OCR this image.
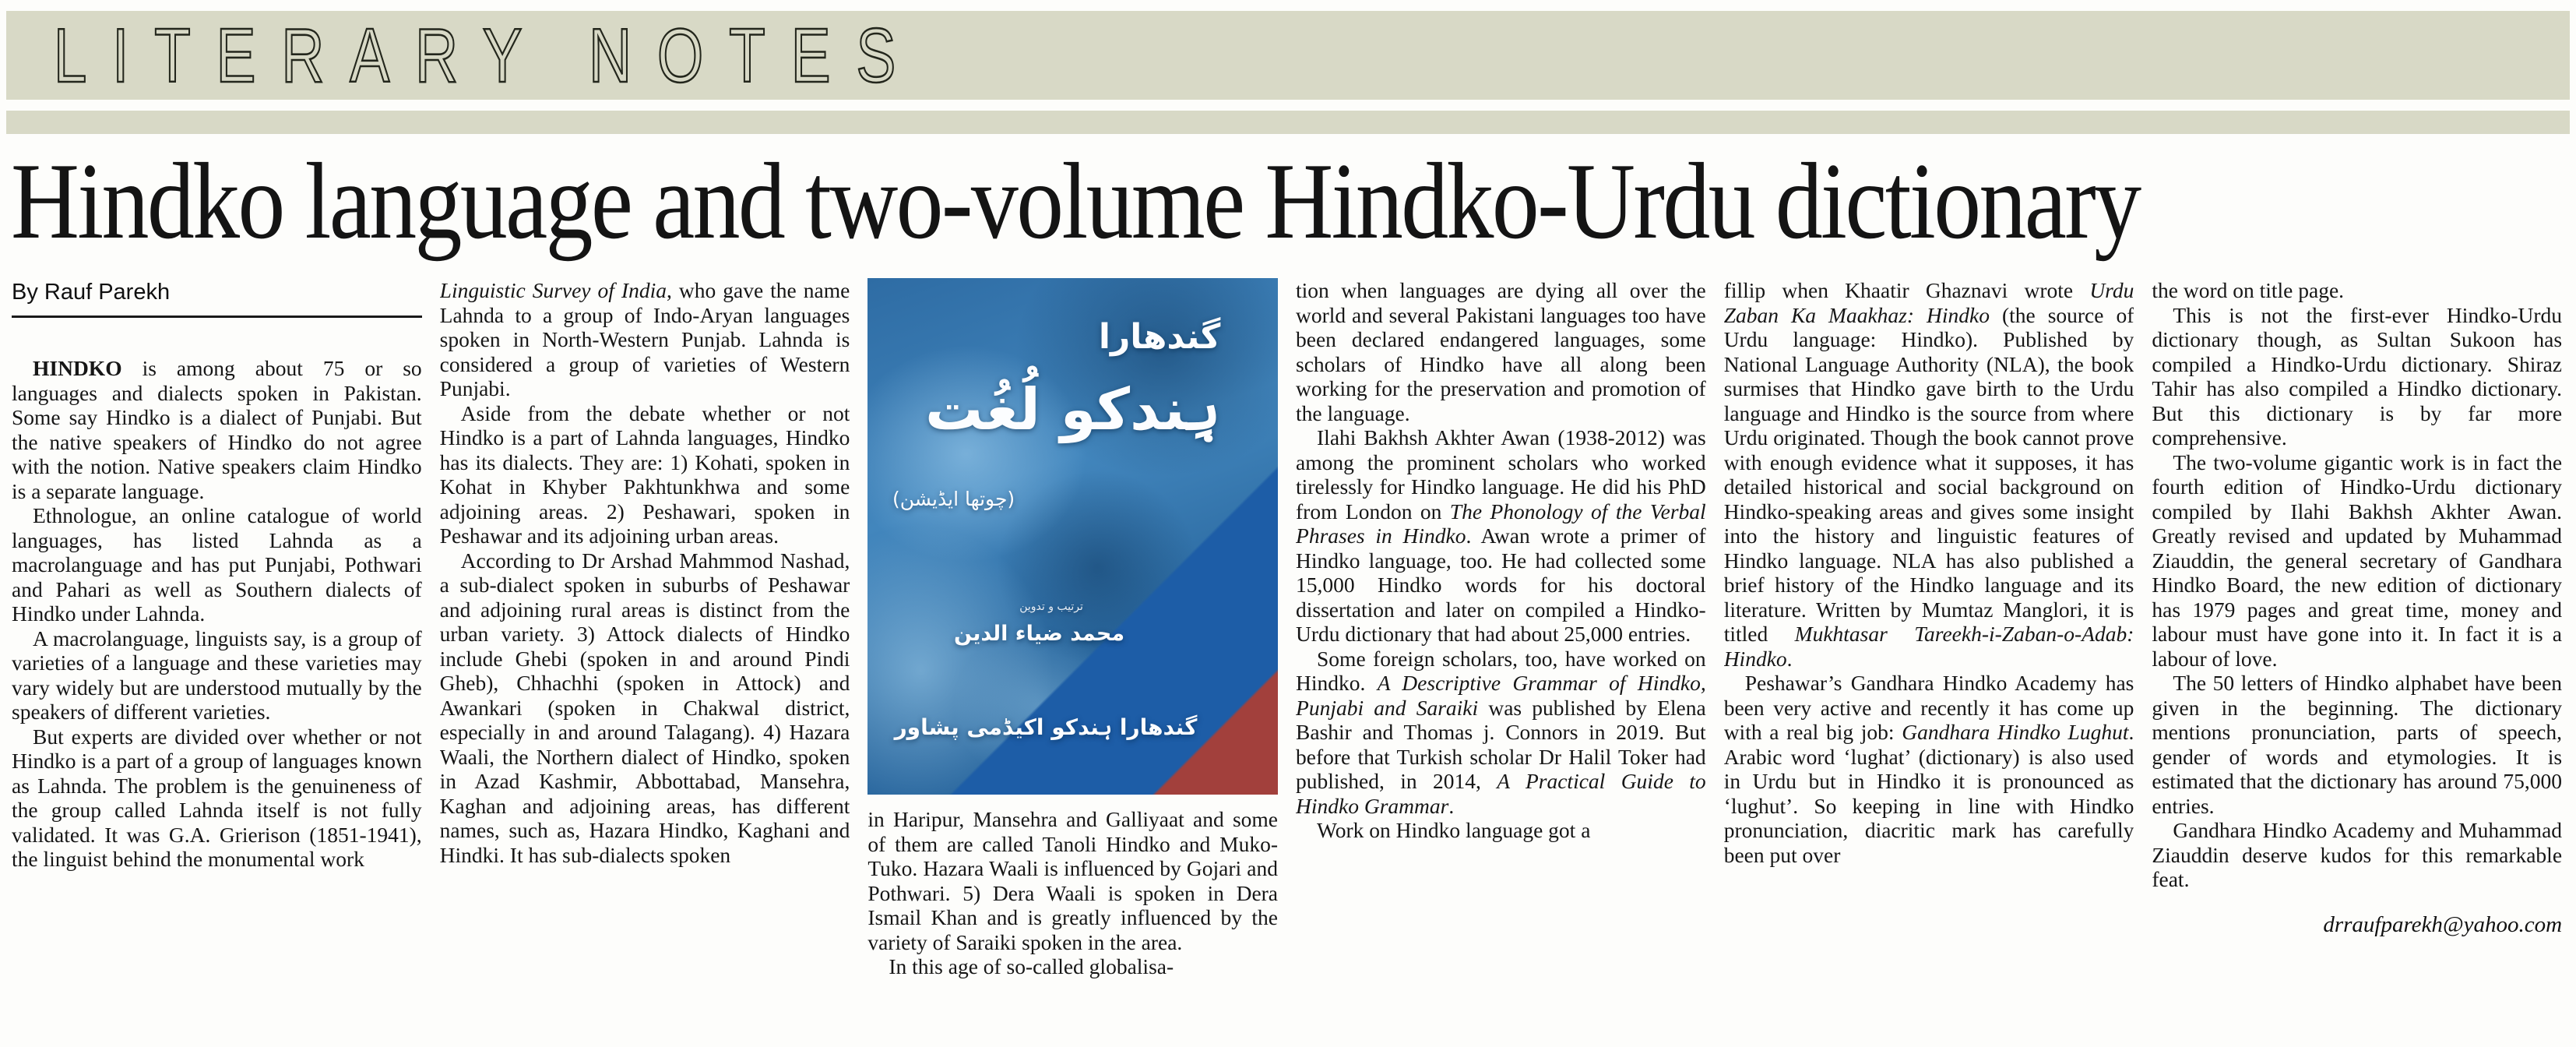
LITERARY NOTES
Hindko language and two-volume Hindko-Urdu dictionary
By Rauf Parekh

HINDKO is among about 75 or so languages and dialects spoken in Pakistan. Some say Hindko is a dialect of Punjabi. But the native speakers of Hindko do not agree with the notion. Native speakers claim Hindko is a separate language.

Ethnologue, an online catalogue of world languages, has listed Lahnda as a macrolanguage and has put Punjabi, Pothwari and Pahari as well as Southern dialects of Hindko under Lahnda.

A macrolanguage, linguists say, is a group of varieties of a language and these varieties may vary widely but are understood mutually by the speakers of different varieties.

But experts are divided over whether or not Hindko is a part of a group of languages known as Lahnda. The problem is the genuineness of the group called Lahnda itself is not fully validated. It was G.A. Grierison (1851-1941), the linguist behind the monumental work

Linguistic Survey of India, who gave the name Lahnda to a group of Indo-Aryan languages spoken in North-Western Punjab. Lahnda is considered a group of varieties of Western Punjabi.

Aside from the debate whether or not Hindko is a part of Lahnda languages, Hindko has its dialects. They are: 1) Kohati, spoken in Kohat in Khyber Pakhtunkhwa and some adjoining areas. 2) Peshawari, spoken in Peshawar and its adjoining urban areas.

According to Dr Arshad Mahmmod Nashad, a sub-dialect spoken in suburbs of Peshawar and adjoining rural areas is distinct from the urban variety. 3) Attock dialects of Hindko include Ghebi (spoken in and around Pindi Gheb), Chhachhi (spoken in Attock) and Awankari (spoken in Chakwal district, especially in and around Talagang). 4) Hazara Waali, the Northern dialect of Hindko, spoken in Azad Kashmir, Abbottabad, Mansehra, Kaghan and adjoining areas, has different names, such as, Hazara Hindko, Kaghani and Hindki. It has sub-dialects spoken

گندھارا
ہِندکو لُغُت
(چوتھا ایڈیشن)
ترتیب و تدوین
محمد ضیاء الدین
گندھارا ہندکو اکیڈمی پشاور

in Haripur, Mansehra and Galliyaat and some of them are called Tanoli Hindko and Muko-Tuko. Hazara Waali is influenced by Gojari and Pothwari. 5) Dera Waali is spoken in Dera Ismail Khan and is greatly influenced by the variety of Saraiki spoken in the area.

In this age of so-called globalisa-

tion when languages are dying all over the world and several Pakistani languages too have been declared endangered languages, some scholars of Hindko have all along been working for the preservation and promotion of the language.

Ilahi Bakhsh Akhter Awan (1938-2012) was among the prominent scholars who worked tirelessly for Hindko language. He did his PhD from London on The Phonology of the Verbal Phrases in Hindko. Awan wrote a primer of Hindko language, too. He had collected some 15,000 Hindko words for his doctoral dissertation and later on compiled a Hindko-Urdu dictionary that had about 25,000 entries.

Some foreign scholars, too, have worked on Hindko. A Descriptive Grammar of Hindko, Punjabi and Saraiki was published by Elena Bashir and Thomas j. Connors in 2019. But before that Turkish scholar Dr Halil Toker had published, in 2014, A Practical Guide to Hindko Grammar.

Work on Hindko language got a

fillip when Khaatir Ghaznavi wrote Urdu Zaban Ka Maakhaz: Hindko (the source of Urdu language: Hindko). Published by National Language Authority (NLA), the book surmises that Hindko gave birth to the Urdu language and Hindko is the source from where Urdu originated. Though the book cannot prove with enough evidence what it supposes, it has detailed historical and social background on Hindko-speaking areas and gives some insight into the history and linguistic features of Hindko language. NLA has also published a brief history of the Hindko language and its literature. Written by Mumtaz Manglori, it is titled Mukhtasar Tareekh-i-Zaban-o-Adab: Hindko.

Peshawar’s Gandhara Hindko Academy has been very active and recently it has come up with a real big job: Gandhara Hindko Lughut. Arabic word ‘lughat’ (dictionary) is also used in Urdu but in Hindko it is pronounced as ‘lughut’. So keeping in line with Hindko pronunciation, diacritic mark has carefully been put over

the word on title page.

This is not the first-ever Hindko-Urdu dictionary though, as Sultan Sukoon has compiled a Hindko-Urdu dictionary. Shiraz Tahir has also compiled a Hindko dictionary. But this dictionary is by far more comprehensive.

The two-volume gigantic work is in fact the fourth edition of Hindko-Urdu dictionary compiled by Ilahi Bakhsh Akhter Awan. Greatly revised and updated by Muhammad Ziauddin, the general secretary of Gandhara Hindko Board, the new edition of dictionary has 1979 pages and great time, money and labour must have gone into it. In fact it is a labour of love.

The 50 letters of Hindko alphabet have been given in the beginning. The dictionary mentions pronunciation, parts of speech, gender of words and etymologies. It is estimated that the dictionary has around 75,000 entries.

Gandhara Hindko Academy and Muhammad Ziauddin deserve kudos for this remarkable feat.

drraufparekh@yahoo.com
